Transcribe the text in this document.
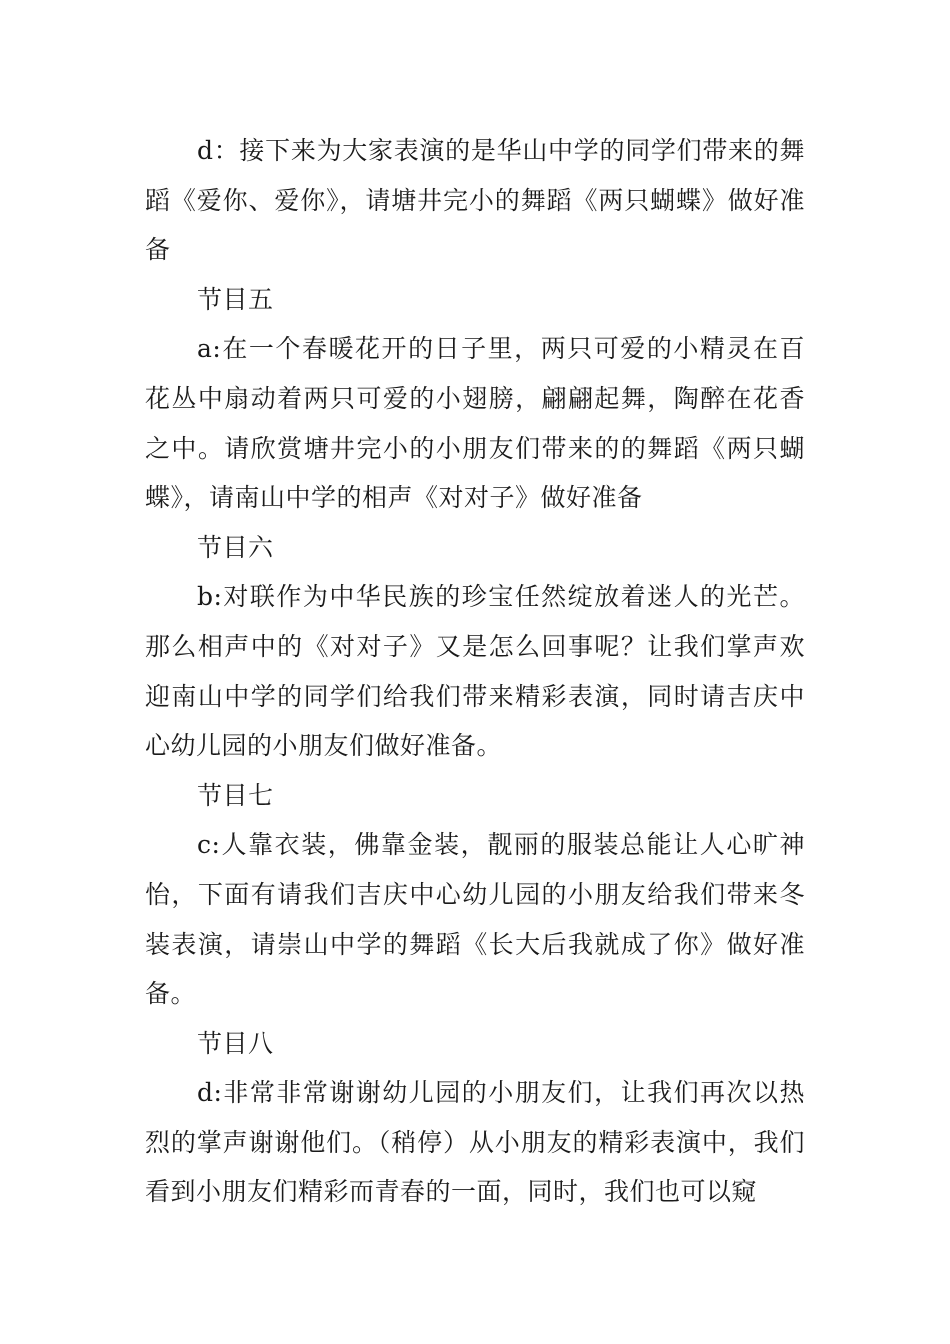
d：接下来为大家表演的是华山中学的同学们带来的舞蹈《爱你、爱你》，请塘井完小的舞蹈《两只蝴蝶》做好准备

节目五

a:在一个春暖花开的日子里，两只可爱的小精灵在百花丛中扇动着两只可爱的小翅膀，翩翩起舞，陶醉在花香之中。请欣赏塘井完小的小朋友们带来的的舞蹈《两只蝴蝶》，请南山中学的相声《对对子》做好准备

节目六

b:对联作为中华民族的珍宝任然绽放着迷人的光芒。那么相声中的《对对子》又是怎么回事呢？让我们掌声欢迎南山中学的同学们给我们带来精彩表演，同时请吉庆中心幼儿园的小朋友们做好准备。

节目七

c:人靠衣装，佛靠金装，靓丽的服装总能让人心旷神怡，下面有请我们吉庆中心幼儿园的小朋友给我们带来冬装表演，请崇山中学的舞蹈《长大后我就成了你》做好准备。

节目八

d:非常非常谢谢幼儿园的小朋友们，让我们再次以热烈的掌声谢谢他们。（稍停）从小朋友的精彩表演中，我们看到小朋友们精彩而青春的一面，同时，我们也可以窥
